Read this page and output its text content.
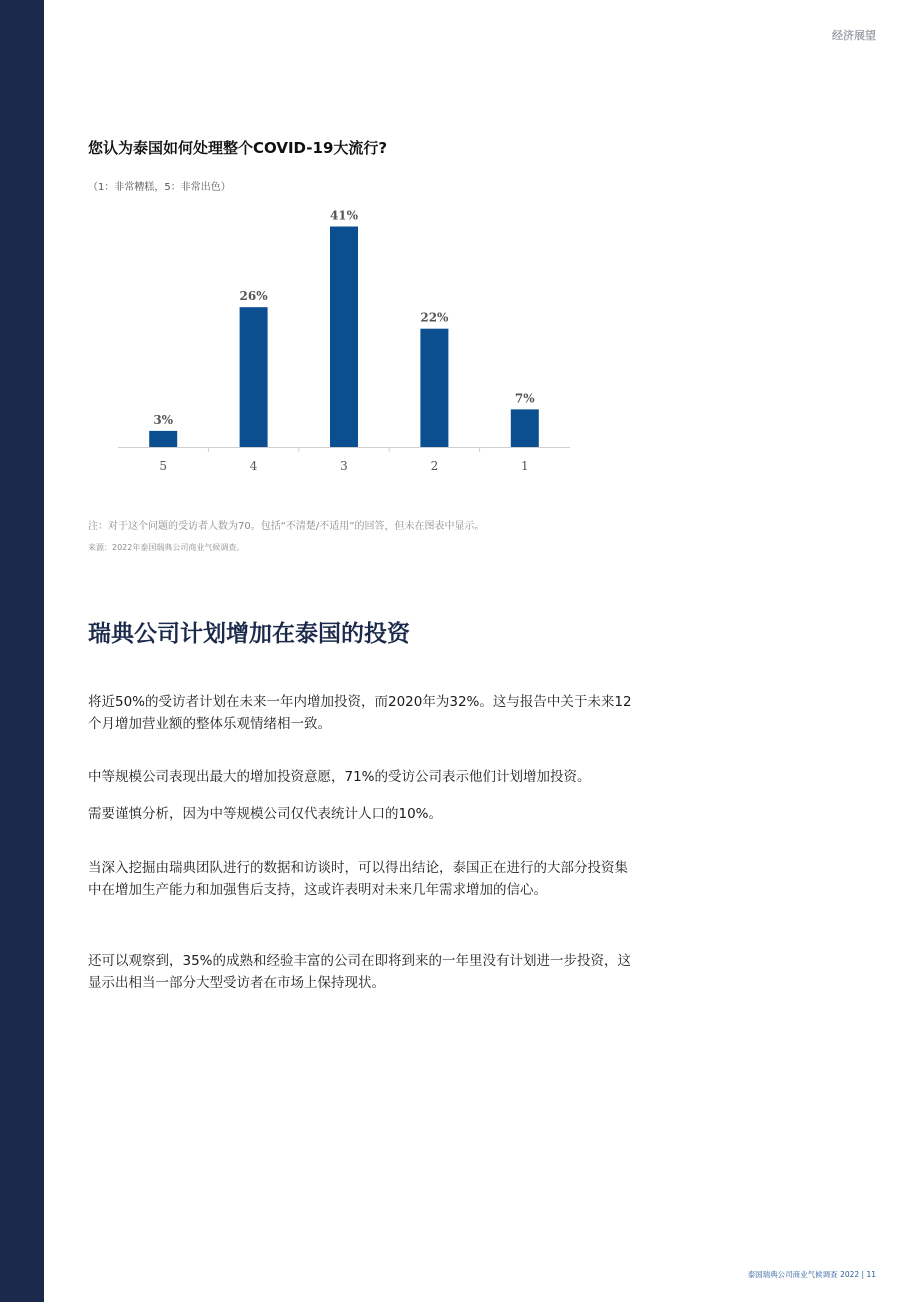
经济展望
您认为泰国如何处理整个COVID-19大流行?
（1：非常糟糕，5：非常出色）
3%
5
26%
4
41%
3
22%
2
7%
1
注：对于这个问题的受访者人数为70。包括“不清楚/不适用”的回答，但未在图表中显示。
来源：2022年泰国瑞典公司商业气候调查。
瑞典公司计划增加在泰国的投资

将近50%的受访者计划在未来一年内增加投资，而2020年为32%。这与报告中关于未来12个月增加营业额的整体乐观情绪相一致。

中等规模公司表现出最大的增加投资意愿，71%的受访公司表示他们计划增加投资。

需要谨慎分析，因为中等规模公司仅代表统计人口的10%。

当深入挖掘由瑞典团队进行的数据和访谈时，可以得出结论，泰国正在进行的大部分投资集中在增加生产能力和加强售后支持，这或许表明对未来几年需求增加的信心。

还可以观察到，35%的成熟和经验丰富的公司在即将到来的一年里没有计划进一步投资，这显示出相当一部分大型受访者在市场上保持现状。

泰国瑞典公司商业气候调查 2022 | 11
